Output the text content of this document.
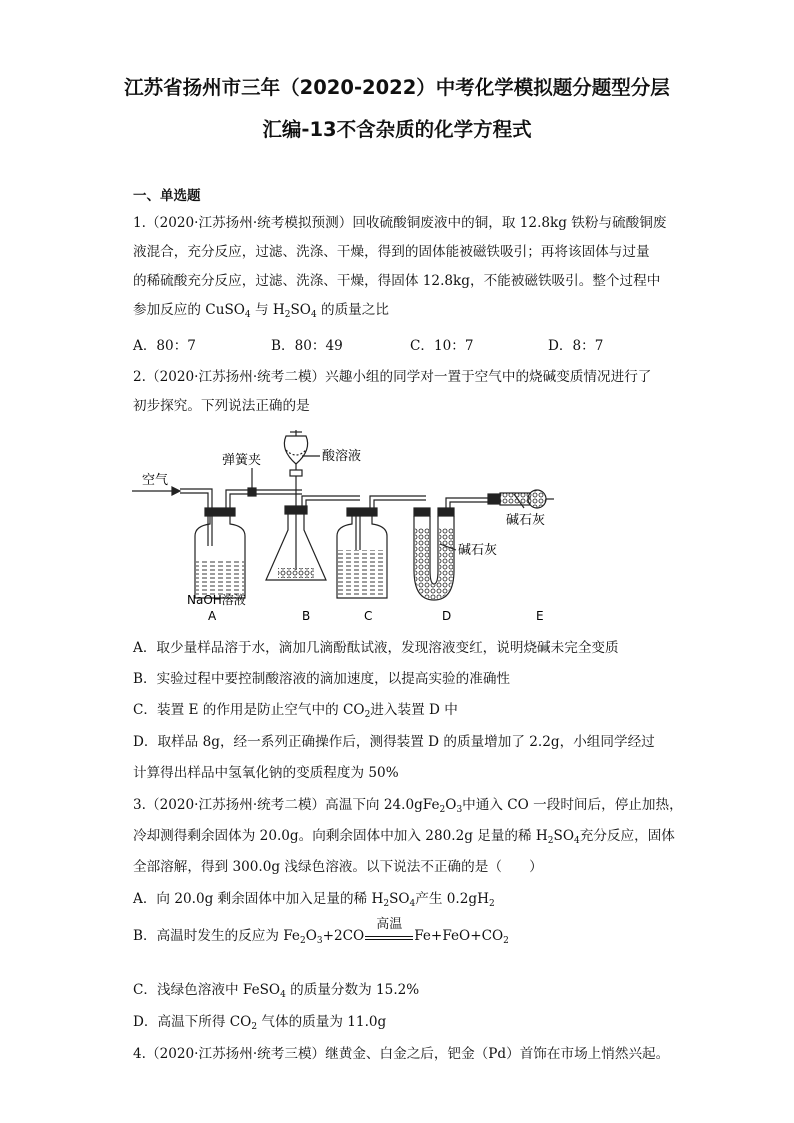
江苏省扬州市三年（2020-2022）中考化学模拟题分题型分层
汇编-13不含杂质的化学方程式
一、单选题
1.（2020·江苏扬州·统考模拟预测）回收硫酸铜废液中的铜，取 12.8kg 铁粉与硫酸铜废
液混合，充分反应，过滤、洗涤、干燥，得到的固体能被磁铁吸引；再将该固体与过量
的稀硫酸充分反应，过滤、洗涤、干燥，得固体 12.8kg，不能被磁铁吸引。整个过程中
参加反应的 CuSO$_4$ 与 $H_2SO_4$ 的质量之比
A．80：7	B．80：49	C．10：7	D．8：7
2.（2020·江苏扬州·统考二模）兴趣小组的同学对一置于空气中的烧碱变质情况进行了
初步探究。下列说法正确的是
空气
弹簧夹	酸溶液
碱石灰
碱石灰
NaOH溶液
A	B	C	D	E
A．取少量样品溶于水，滴加几滴酚酞试液，发现溶液变红，说明烧碱未完全变质
B．实验过程中要控制酸溶液的滴加速度，以提高实验的准确性
C．装置 E 的作用是防止空气中的 $CO_2$进入装置 D 中
D．取样品 8g，经一系列正确操作后，测得装置 D 的质量增加了 2.2g，小组同学经过
计算得出样品中氢氧化钠的变质程度为 50%
3.（2020·江苏扬州·统考二模）高温下向 $24.0gFe_2O_3$中通入 CO 一段时间后，停止加热，
冷却测得剩余固体为 20.0g。向剩余固体中加入 280.2g 足量的稀 $H_2SO_4$充分反应，固体
全部溶解，得到 300.0g 浅绿色溶液。以下说法不正确的是（　　）
A．向 20.0g 剩余固体中加入足量的稀 $H_2SO_4$产生 $0.2gH_2$
B．高温时发生的反应为 $Fe_2O_3+2CO$
高温
$Fe+FeO+CO_2$
C．浅绿色溶液中 FeSO$_4$ 的质量分数为 15.2%
D．高温下所得 $CO_2$ 气体的质量为 11.0g
4.（2020·江苏扬州·统考三模）继黄金、白金之后，钯金（Pd）首饰在市场上悄然兴起。
